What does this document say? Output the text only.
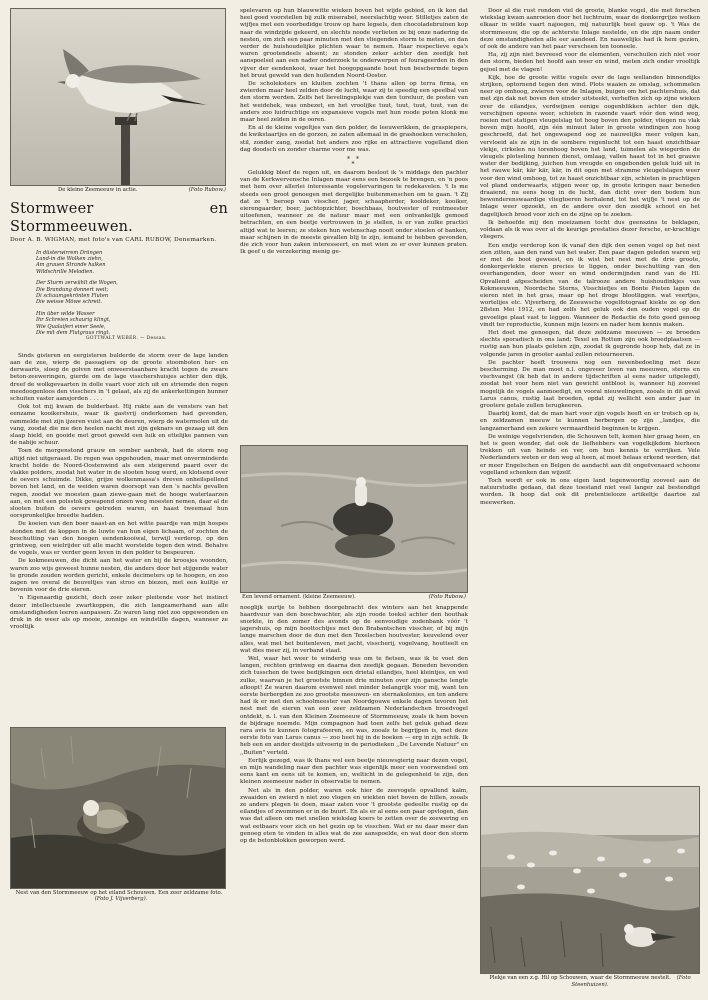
De kleine Zeemeeuw in actie.	(Foto Rubow.)
Stormweer en Stormmeeuwen.
Door A. B. WIGMAN, met foto's van CARL RUBOW, Denemarken.
In düsterwirrem Drängen
Land-in die Wolken ziehn,
Am grauen Strande halken
Wildschrille Melodien.
Der Sturm zerwühlt die Wogen,
Die Brandung donnert weit;
Di schaumgekrönten Fluten
Die weisse Möwe schreit.
Hin über wilde Wasser
Ihr Schreien schaurig klingt,
Wie Qualaiferi einer Seele,
Die mit dem Flutgraus ringt.
GOTTWALT WEBER. — Dessau.

Sinds gisteren en eergisteren bulderde de storm over de lage landen aan de zee, wierp de passagiers op de groote stoomboten her- en derwaarts, sloeg de golven met onweerstaanbare kracht tegen de zware beton-zeeweringen, gierde om de lage visschershuisjes achter den dijk, dreef de wolkgevaarten in dolle vaart voor zich uit en striemde den regen meedoogenloos den visschers in 't gelaat, als zij de ankerkettingen hunner schuiten vaster aansjorden . . . .

Ook tot mij kwam de bulderbast. Hij rukte aan de vensters van het eenzame kooikershuis, waar ik gastvrij onderkomen had gevonden, rammelde met zijn ijzeren vuist aan de deuren, wierp de watermolen uit de vang, zoodat die me den heelen nacht met zijn geknars en gezaag uit den slaap hield, en gooide met groot geweld een luik en ettelijke pannen van de nabije schuur.

Toen de morgenstond grauw en somber aanbrak, had de storm nog altijd niet uitgeraasd. De regen was opgehouden, maar met onverminderde kracht holde de Noord-Oostenwind als een steigerend paard over de vlakke polders, zoodat het water in de slooten hoog werd, en klotsend over de oevers schuimde. Dikke, grijze wolkenmassa's dreven onheilspellend boven het land, en de weiden waren doorsopt van den 's nachts gevallen regen, zoodat we moesten gaan ziewe-gaan met de hooge waterlaarzen aan, en met een polsstok gewapend onzen weg moesten nemen, daar al de slooten buiten de oevers getreden waren, en haast tweemaal hun oorspronkelijke breedte hadden.

De koeien van den boer naast-an en het witte paardje van mijn hospes stonden met de koppen in de luwte van hun eigen lichaam, of zochten de beschutting van den hoogen eendenkooiwal, terwijl verderop, op den grintweg, een wielrijder uit alle macht worstelde tegen den wind. Behalve de vogels, was er verder geen leven in den polder te bespeuren.

De kokmeeuwen, die dicht aan het water en bij de kroosjes woonden, waren zoo wijs geweest hunne nesten, die anders door het stijgende water te gronde zouden worden gericht, enkele decimeters op te hoogen, en zoo zagen we overal de beuveltjes van stroo en biezen, met een kuiltje er bovenin voor de drie eieren.

'n Eigenaardig gezicht, doch zeer zeker pleitende voor het instinct dezer intellectueele zwartkoppen, die zich langzamerhand aan alle omstandigheden leeren aanpassen. Ze waren lang niet zoo opgewonden en druk in de weer als op mooie, zonnige en windstille dagen, wanneer ze vrooltijk

Nest van den Stormmeeuw op het eiland Schouwen. Een zeer zeldzame foto. (Foto J. Vijverberg).

spelevaren op hun blauwwitte wieken boven het wijde gebied, en ik kon dat heel goed voorstellen bij zulk miserabel, neerslachtig weer. Stilletjes zaten de wijfjes met een voorbedidge trouw op hare legsels, den chocoladebruinen kop naar de windzijde gekeerd, en slechts noode verlieten ze bij onze nadering de nesten, om zich een paar minuten met den vliegenden storm te meten, en dan verder de huishoudelijke plichten waar te nemen. Haar respectieve ega's waren grootendeels absent; ze stonden zeker achter den zeedijk het aanspoelsel aan een nader onderzoek te onderwerpen of fourageerden in den vijver der eendenkooi, waar het hoogopgaande hout hun beschermde tegen het bruut geweld van den huilenden Noord-Ooster.

De scholeksters en kluiten zochten 't thans allen op terra firma, en zwierden maar heel zelden door de lucht, waar zij te speedig een speelbal van den storm werden. Zelfs het lievelingsplekje van den tureluur, de posten van het weidehek, was onbezet, en het vroolijke tuut, tuut, tuut, tuut, van de anders zoo luidruchtige en expansieve vogels met hun roode poten klonk me maar heel zelden in de ooren.

En al de kleine vogeltjes van den polder, de leeuwerikken, de graspiepers, de kwikstaartjes en de gorzen, ze zaten allemaal in de grashoeken verscholen, stil, zonder zang, zoodat het anders zoo rijke en attractieve vogelland dien dag doodsch en zonder charme voor me was.

* *
*

Gelukkig bleef de regen uit, en daarom besloot ik 's middags den pachter van de Kerkwervensche Inlagen maar eens een bezoek te brengen, en 'n poos met hem over allerlei interessante vogelervaringen te redekavelen. 't Is me steeds een groot genoegen met dergelijke buitenmenschen om te gaan. 't Zij dat ze 't beroep van visscher, jager, schaapherder, kooldeker, kooiker, eierengaarder, boer, jachtopzichter, boschbaas, houtvester of rentmeester uitoefenen, wanneer ze de natuur maar met een ontvankelijk gemoed betrachten, en een beetje vertrouwen in je stellen, is er van zulke practici altijd wat te leeren; ze steken hun wetenschap nooit onder stoelen of banken, maar schijnen in de meeste gevallen blij te zijn, iemand te hebben gevonden, die zich voor hun zaken interesseert, en met wien ze er over kunnen praten. Ik geef u de verzekering menig ge-

Een levend ornament. (kleine Zeemeeuw).	(Foto Rubow.)

noeglijk uurtje te hebben doorgebracht des winters aan het knappende haardvuur van den boschwachter, als zijn roode toeksl achter den houthak snorkte, in den zomer des avonds op de eenvoudige zodenbank vóór 't jagershuis, op mijn boottochtjes met den Brabantschen visscher, of bij mijn lange marschen door de dun met den Texelschen houtvester, keuvelend over alles, wat met het buitenleven, met jacht, visscherij, vogelvang, houtteelt en wat dies meer zij, in verband staat.

Wel, waar het weer te winderig was om te fietsen, was ik te voet den langen, rechten grintweg en daarna den zeedijk gegaan. Beneden bevonden zich tusschen de twee bedijkingen een drietal eilandjes, heel kleintjes, en wel zulke, waarvan je het grootste binnen drie minuten over zijn gansche lengte afloopt! Ze waren daarom evenwel niet minder belangrijk voor mij, want ten eerste herbergden ze zoo grootste meeuwen- en sternakolonies, en ten andere had ik er met den schoolmeester van Noordgouwe enkele dagen tevoren het nest met de eieren van een zeer zeldzamen Nederlandschen broedvogel ontdekt, n. l. van den Kleinen Zeemeeuw of Stormmeeuw, zoals ik hem boven de bijdrage noemde. Mijn compagnon had toen zelfs het geluk gehad deze rara avis te kunnen fotografeeren, en was, zooals te begrijpen is, met deze eerste foto van Larus canus — zoo heet hij in de boeken — erg in zijn schik. Ik heb een en ander destijds uitvoerig in de periodieken ,,De Levende Natuur" en ,,Buiten" verteld.

Eerlijk gezegd, was ik thans wel een beetje nieuwsgierig naar dezen vogel, en mijn wandeling naar den pachter was eigenlijk meer een voorwendsel om eens kant en eens uit te komen, en, welticht in de gelegenheid te zijn, den kleinen zeemeeuw nader in observatie te nemen.

Net als in den polder, waren ook hier de zeevogels opvallend kalm, zwaaiden en zwierd n niet zoo vlogen en wiekten niet boven de hillen, zooals ze anders plegen te doen, maar zaten voor 't grootste gedeelte rustig op de eilandjes of zwommen er in de buurt. En als er al eens een paar opvlogen, dan was dat alleen om met snellen wiekslag koers te zetten over de zeewering en wat eetbaars voor zich en het gezin op te visschen. Wat er nu daar meer dan genoeg eten te vinden in alles wat de zee aanspoelde, en wat door den storm op de betonblokken geworpen werd.

Door al die rust rondom viel de groote, blanke vogel, die met forschen wiekslag kwam aanroeien door het luchtruim, waar de donkergrijze wolken elkaar in wilde vaart najoegen, mij natuurlijk heel gauw op. 't Was de stormmeeuw, die op de achterste Inlage nestelde, en die zijn naam onder deze omstandigheden alle eer aandeed. En nauwelijks had ik hem gezien, of ook de andere van het paar verscheen ten tooneele.

Ha, zij zijn niet bevreesd voor de elementen, verschuilen zich niet voor den storm, bieden het hoofd aan weer en wind, meten zich onder vrooltijk gejoel met de vlagen!

Kijk, hoe de groote witte vogels over de lage wellanden binnendijks strijken, optornend tegen den wind. Plots waaien ze omslag, schommelen neer op omhoog, zwieren voor de Inlagen, buigen om het pachtershuis, dat met zijn dak net boven den einder uitsteekt, verheffen zich op zijne wieken over de eilandjes, verdwijnen eenige oogenblikken achter den dijk, verschijnen opeens weer, schieten in razende vaart vóór den wind weg, roeien met statigen vleugelslag tot hoog boven den polder, vliegen nu vlak boven mijn hoofd, zijn één minuut later in groote windingen zoo hoog geschroefd, dat het ongewapend oog ze nauwelijks meer volgen kan, vervloeid als ze zijn in de sombere regenlucht tot een haast onzichtbaar vlekje, cirkelen nu torenhoog boven het land, tuimelen als wiegerden de vleugels plotseling hunnen dienst, omlaag, vallen haast tot in het grauwe water der bedijking, juichen hun vreugde en ongebonden geluk luid uit in het rauwe kär, kär kär, kär, in dit ogen met stramme vleugelslagen weer voor den wind omhoog, tot ze haast onzichtbaar zijn, schieten in prachtigen vol pland onderwaarts, stijgen weer op, in groote kringen naar beneden draaiend, nu eens hoog in de lucht, dan dicht over den bodem hun bewonderenswaardige vliegtoeren herhalend, tot het wijfje 't nest op de Inlage weer opzoekt, en de andere over den zeedijk schoot en het dagelijksch brood voor zich en de zijne op te zoeken.

Ik behoefde mij den moeizamen tocht dus geenszins te beklagen, voldaan als ik was over al de keurige prestaties dezer forsche, er-krachtige vliegers.

Een endje verderop kon ik vanaf den dijk den eenen vogel op het nest zien zitten, aan den rand van het water. Een paar dagen geleden waren wij er met de boot geweest, en ik wist het nest met de drie groote, donkergevlekte eieren precies te liggen, onder beschutting van den overhangenden, door weer en wind ondermijnden rand van de Hl. Opvallend afgescheiden van de talrooze andere huishoudinkjes van Kokmeeuwen, Noordsche Sterns, Visschiefjes en Bonte Pieten lagen de eieren niet in het gras, maar op het droge blootliggen. wat veertjes, wortelijes etc. Vijverberg, de Zeeuwsche vogelfotograaf kiekte ze op den 28sten Mei 1912, en had zelfs het geluk ook den ouden vogel op de gevoelige plaat vast te leggen. Wanneer de Redactie de foto goed genoeg vindt ter reproductie, kunnen mijn lezers en nader hem kennis maken.

Het doet me genoegen, dat deze zeldzame meeuwen — ze broeden slechts sporadisch in ons land; Texel en Rottum zijn ook broedplaatsen — rustig aan hun plaats geleten zijn, zoodat ik gegronde hoop heb, dat ze in volgende jaren in grooter aantal zullen retourneeren.

De pachter heeft trouwens nog een nevenbedoeling met deze bescherming. De man moet n.l. ongeveer leven van meeuwen, sterns en vischvangst (ik heb dat in andere tijdschriften al eens nader uitgelegd), zoodat het voor hem niet van gewicht ontbloot is, wanneer hij zooveel mogelijk de vogels aanmoedigt, en vooral nieuwelingen, zooals in dit geval Larus canus, rustig laat broeden, opdat zij wellicht een ander jaar in grootere getale zullen terugkeeren.

Daarbij komt, dat de man hart voor zijn vogels heeft en er trotsch op is, en zeldzamen meeuw te kunnen herbergen op zijn ,,landjes, die langzamerhand een zekere vermaardheid beginnen te krijgen.

De weinige vogelvrienden, die Schouwen telt, komen hier graag heen, en het is geen wonder, dat ook de liefhebbers van vogelkijkdom hierheen trekken uit van heinde en ver, om hun kennis te verrijken. Vele Nederlanders weten er den weg al heen, al moet helaas erkend worden, dat er meer Engelschen en Belgen de aandacht aan dit ongeëvenaard schoone vogelland schenken dan wijzelf.

Toch wordt er ook in ons eigen land tegenwoordig zooveel aan de natuurstudie gedaan, dat deze toestand niet veel langer zal bestendigd worden. Ik hoop dat ook dit pretentielooze artikeltje daartoe zal meewerken.

Plekje van een z.g. Hil op Schouwen, waar de Stormmeeuw nestelt. (Foto Steenhuizen).
